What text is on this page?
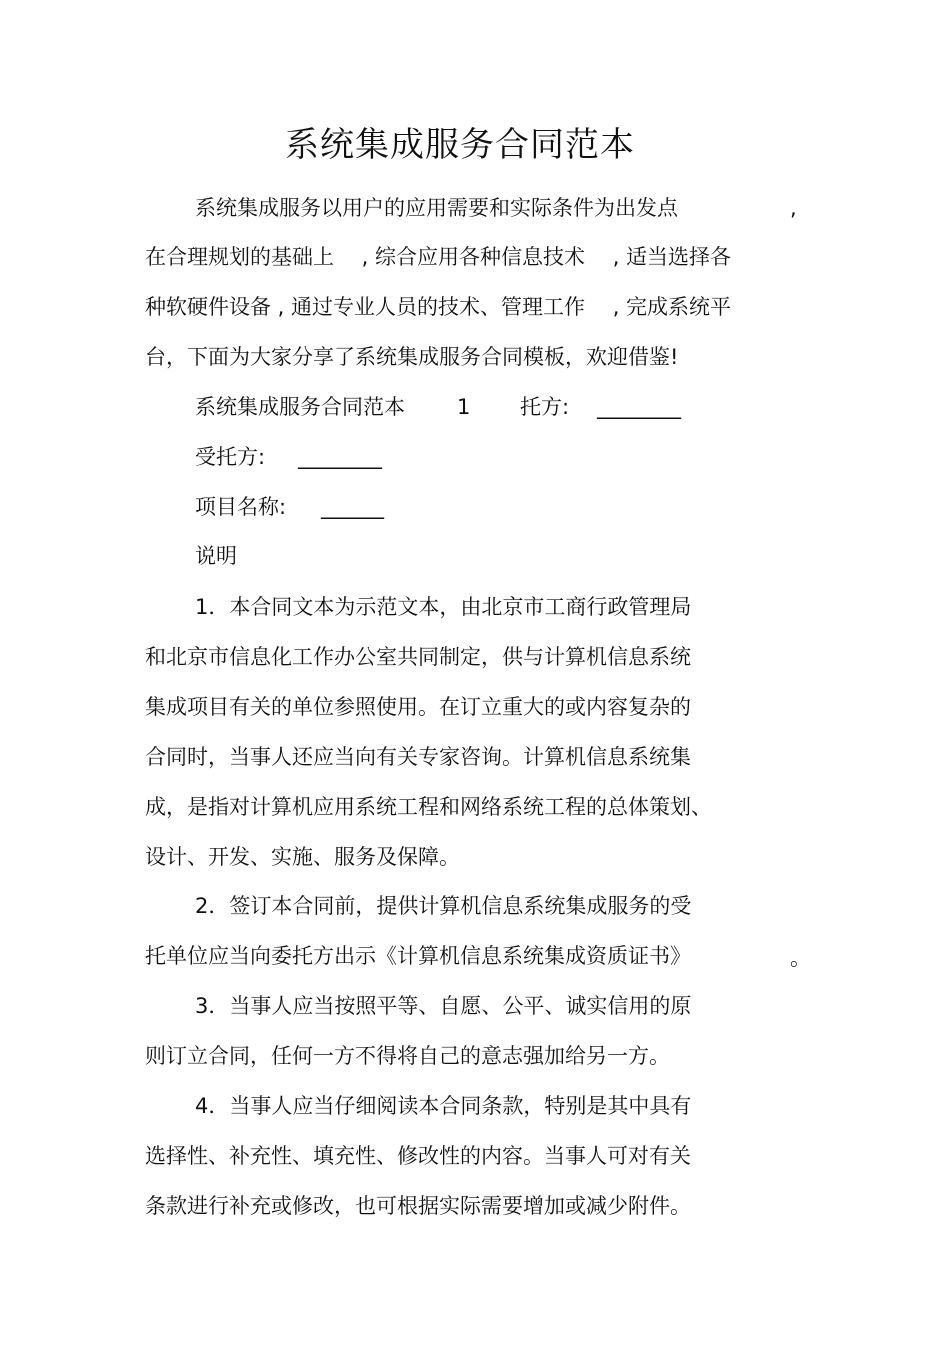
系统集成服务合同范本
系统集成服务以用户的应用需要和实际条件为出发点	,
在合理规划的基础上　 , 综合应用各种信息技术　 , 适当选择各
种软硬件设备 , 通过专业人员的技术、管理工作　 , 完成系统平
台，下面为大家分享了系统集成服务合同模板，欢迎借鉴!
系统集成服务合同范本 1 托方: ________
受托方: ________
项目名称: ______
说明
1．本合同文本为示范文本，由北京市工商行政管理局
和北京市信息化工作办公室共同制定，供与计算机信息系统
集成项目有关的单位参照使用。在订立重大的或内容复杂的
合同时，当事人还应当向有关专家咨询。计算机信息系统集
成，是指对计算机应用系统工程和网络系统工程的总体策划、
设计、开发、实施、服务及保障。
2．签订本合同前，提供计算机信息系统集成服务的受
托单位应当向委托方出示《计算机信息系统集成资质证书》	。
3．当事人应当按照平等、自愿、公平、诚实信用的原
则订立合同，任何一方不得将自己的意志强加给另一方。
4．当事人应当仔细阅读本合同条款，特别是其中具有
选择性、补充性、填充性、修改性的内容。当事人可对有关
条款进行补充或修改，也可根据实际需要增加或减少附件。
